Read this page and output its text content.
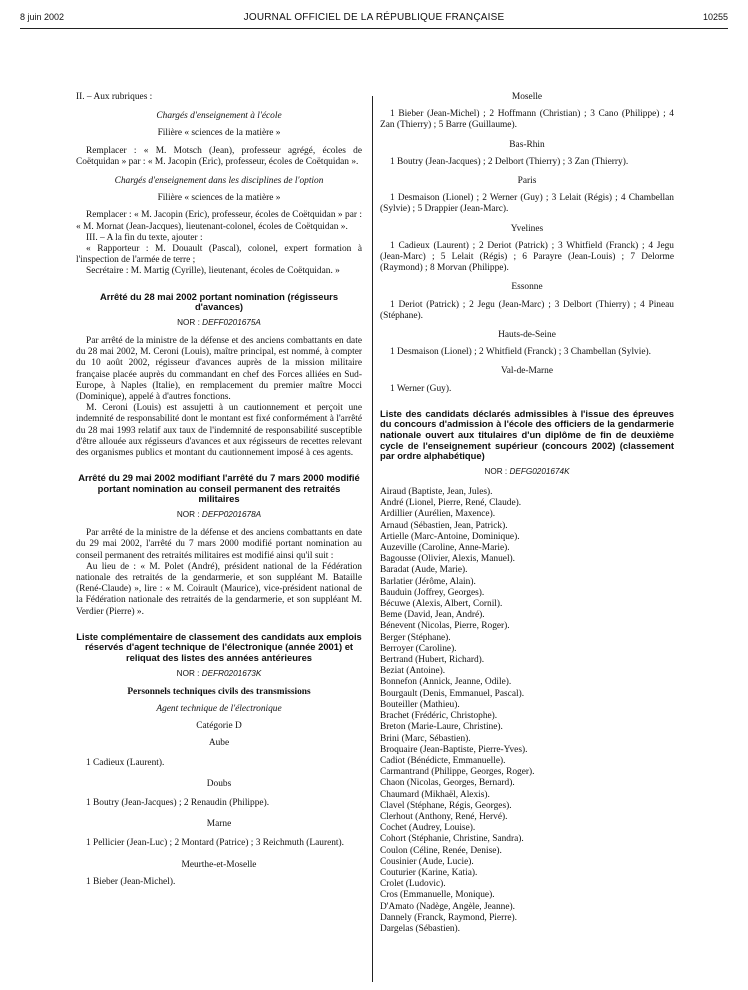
8 juin 2002	JOURNAL OFFICIEL DE LA RÉPUBLIQUE FRANÇAISE	10255

II. – Aux rubriques :

Chargés d'enseignement à l'école

Filière « sciences de la matière »

Remplacer : « M. Motsch (Jean), professeur agrégé, écoles de Coëtquidan » par : « M. Jacopin (Eric), professeur, écoles de Coëtquidan ».

Chargés d'enseignement dans les disciplines de l'option

Filière « sciences de la matière »

Remplacer : « M. Jacopin (Eric), professeur, écoles de Coëtquidan » par : « M. Mornat (Jean-Jacques), lieutenant-colonel, écoles de Coëtquidan ».

III. – A la fin du texte, ajouter :

« Rapporteur : M. Douault (Pascal), colonel, expert formation à l'inspection de l'armée de terre ;

Secrétaire : M. Martig (Cyrille), lieutenant, écoles de Coëtquidan. »

Arrêté du 28 mai 2002 portant nomination (régisseurs d'avances)

NOR : DEFF0201675A

Par arrêté de la ministre de la défense et des anciens combattants en date du 28 mai 2002, M. Ceroni (Louis), maître principal, est nommé, à compter du 10 août 2002, régisseur d'avances auprès de la mission militaire française placée auprès du commandant en chef des Forces alliées en Sud-Europe, à Naples (Italie), en remplacement du premier maître Mocci (Dominique), appelé à d'autres fonctions.

M. Ceroni (Louis) est assujetti à un cautionnement et perçoit une indemnité de responsabilité dont le montant est fixé conformément à l'arrêté du 28 mai 1993 relatif aux taux de l'indemnité de responsabilité susceptible d'être allouée aux régisseurs d'avances et aux régisseurs de recettes relevant des organismes publics et montant du cautionnement imposé à ces agents.

Arrêté du 29 mai 2002 modifiant l'arrêté du 7 mars 2000 modifié portant nomination au conseil permanent des retraités militaires

NOR : DEFP0201678A

Par arrêté de la ministre de la défense et des anciens combattants en date du 29 mai 2002, l'arrêté du 7 mars 2000 modifié portant nomination au conseil permanent des retraités militaires est modifié ainsi qu'il suit :

Au lieu de : « M. Polet (André), président national de la Fédération nationale des retraités de la gendarmerie, et son suppléant M. Bataille (René-Claude) », lire : « M. Coirault (Maurice), vice-président national de la Fédération nationale des retraités de la gendarmerie, et son suppléant M. Verdier (Pierre) ».

Liste complémentaire de classement des candidats aux emplois réservés d'agent technique de l'électronique (année 2001) et reliquat des listes des années antérieures

NOR : DEFR0201673K

Personnels techniques civils des transmissions

Agent technique de l'électronique

Catégorie D

Aube

1 Cadieux (Laurent).

Doubs

1 Boutry (Jean-Jacques) ; 2 Renaudin (Philippe).

Marne

1 Pellicier (Jean-Luc) ; 2 Montard (Patrice) ; 3 Reichmuth (Laurent).

Meurthe-et-Moselle

1 Bieber (Jean-Michel).

Moselle

1 Bieber (Jean-Michel) ; 2 Hoffmann (Christian) ; 3 Cano (Philippe) ; 4 Zan (Thierry) ; 5 Barre (Guillaume).

Bas-Rhin

1 Boutry (Jean-Jacques) ; 2 Delbort (Thierry) ; 3 Zan (Thierry).

Paris

1 Desmaison (Lionel) ; 2 Werner (Guy) ; 3 Lelait (Régis) ; 4 Chambellan (Sylvie) ; 5 Drappier (Jean-Marc).

Yvelines

1 Cadieux (Laurent) ; 2 Deriot (Patrick) ; 3 Whitfield (Franck) ; 4 Jegu (Jean-Marc) ; 5 Lelait (Régis) ; 6 Parayre (Jean-Louis) ; 7 Delorme (Raymond) ; 8 Morvan (Philippe).

Essonne

1 Deriot (Patrick) ; 2 Jegu (Jean-Marc) ; 3 Delbort (Thierry) ; 4 Pineau (Stéphane).

Hauts-de-Seine

1 Desmaison (Lionel) ; 2 Whitfield (Franck) ; 3 Chambellan (Sylvie).

Val-de-Marne

1 Werner (Guy).

Liste des candidats déclarés admissibles à l'issue des épreuves du concours d'admission à l'école des officiers de la gendarmerie nationale ouvert aux titulaires d'un diplôme de fin de deuxième cycle de l'enseignement supérieur (concours 2002) (classement par ordre alphabétique)

NOR : DEFG0201674K

Airaud (Baptiste, Jean, Jules).

André (Lionel, Pierre, René, Claude).

Ardillier (Aurélien, Maxence).

Arnaud (Sébastien, Jean, Patrick).

Artielle (Marc-Antoine, Dominique).

Auzeville (Caroline, Anne-Marie).

Bagousse (Olivier, Alexis, Manuel).

Baradat (Aude, Marie).

Barlatier (Jérôme, Alain).

Bauduin (Joffrey, Georges).

Bécuwe (Alexis, Albert, Cornil).

Beme (David, Jean, André).

Bénevent (Nicolas, Pierre, Roger).

Berger (Stéphane).

Berroyer (Caroline).

Bertrand (Hubert, Richard).

Beziat (Antoine).

Bonnefon (Annick, Jeanne, Odile).

Bourgault (Denis, Emmanuel, Pascal).

Bouteiller (Mathieu).

Brachet (Frédéric, Christophe).

Breton (Marie-Laure, Christine).

Brini (Marc, Sébastien).

Broquaire (Jean-Baptiste, Pierre-Yves).

Cadiot (Bénédicte, Emmanuelle).

Carmantrand (Philippe, Georges, Roger).

Chaon (Nicolas, Georges, Bernard).

Chaumard (Mikhaël, Alexis).

Clavel (Stéphane, Régis, Georges).

Clerhout (Anthony, René, Hervé).

Cochet (Audrey, Louise).

Cohort (Stéphanie, Christine, Sandra).

Coulon (Céline, Renée, Denise).

Cousinier (Aude, Lucie).

Couturier (Karine, Katia).

Crolet (Ludovic).

Cros (Emmanuelle, Monique).

D'Amato (Nadège, Angèle, Jeanne).

Dannely (Franck, Raymond, Pierre).

Dargelas (Sébastien).
